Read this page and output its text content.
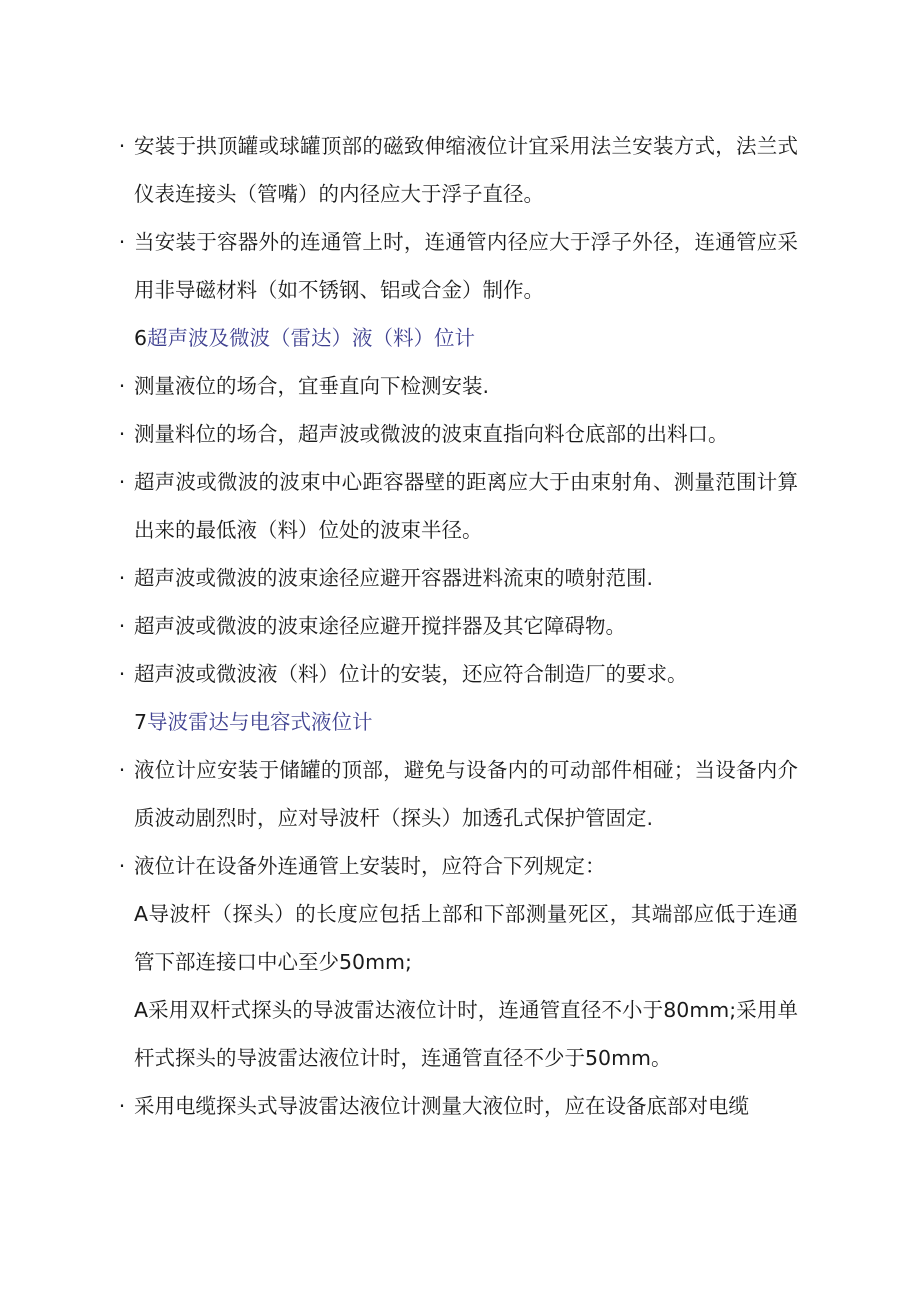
· 安装于拱顶罐或球罐顶部的磁致伸缩液位计宜采用法兰安装方式，法兰式仪表连接头（管嘴）的内径应大于浮子直径。

· 当安装于容器外的连通管上时，连通管内径应大于浮子外径，连通管应采用非导磁材料（如不锈钢、铝或合金）制作。

6超声波及微波（雷达）液（料）位计

· 测量液位的场合，宜垂直向下检测安装.

· 测量料位的场合，超声波或微波的波束直指向料仓底部的出料口。

· 超声波或微波的波束中心距容器壁的距离应大于由束射角、测量范围计算出来的最低液（料）位处的波束半径。

· 超声波或微波的波束途径应避开容器进料流束的喷射范围.

· 超声波或微波的波束途径应避开搅拌器及其它障碍物。

· 超声波或微波液（料）位计的安装，还应符合制造厂的要求。

7导波雷达与电容式液位计

· 液位计应安装于储罐的顶部，避免与设备内的可动部件相碰；当设备内介质波动剧烈时，应对导波杆（探头）加透孔式保护管固定.

· 液位计在设备外连通管上安装时，应符合下列规定：

A导波杆（探头）的长度应包括上部和下部测量死区，其端部应低于连通管下部连接口中心至少50mm;

A采用双杆式探头的导波雷达液位计时，连通管直径不小于80mm;采用单杆式探头的导波雷达液位计时，连通管直径不少于50mm。

· 采用电缆探头式导波雷达液位计测量大液位时，应在设备底部对电缆
